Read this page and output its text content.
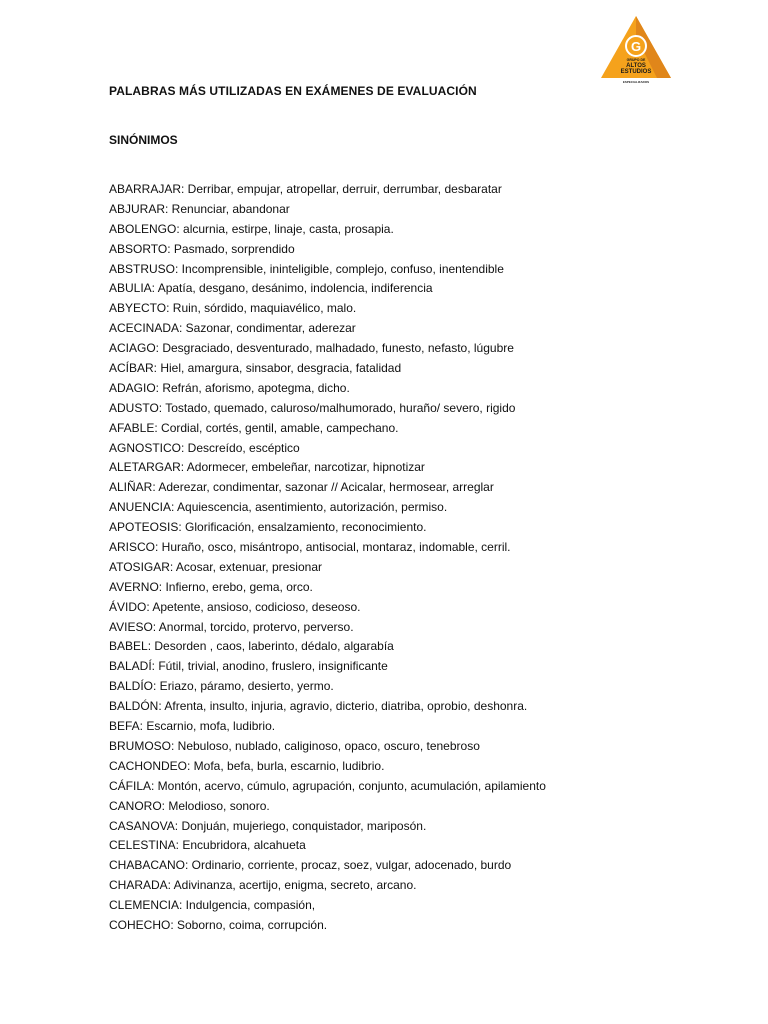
G
GRUPO DE
ALTOS
ESTUDIOS
ESPECIALIZADOS
PALABRAS MÁS UTILIZADAS EN EXÁMENES DE EVALUACIÓN
SINÓNIMOS
ABARRAJAR: Derribar, empujar, atropellar, derruir, derrumbar, desbaratar
ABJURAR: Renunciar, abandonar
ABOLENGO: alcurnia, estirpe, linaje, casta, prosapia.
ABSORTO: Pasmado, sorprendido
ABSTRUSO: Incomprensible, ininteligible, complejo, confuso, inentendible
ABULIA: Apatía, desgano, desánimo, indolencia, indiferencia
ABYECTO: Ruin, sórdido, maquiavélico, malo.
ACECINADA: Sazonar, condimentar, aderezar
ACIAGO: Desgraciado, desventurado, malhadado, funesto, nefasto, lúgubre
ACÍBAR: Hiel, amargura, sinsabor, desgracia, fatalidad
ADAGIO: Refrán, aforismo, apotegma, dicho.
ADUSTO: Tostado, quemado, caluroso/malhumorado, huraño/ severo, rigido
AFABLE: Cordial, cortés, gentil, amable, campechano.
AGNOSTICO: Descreído, escéptico
ALETARGAR: Adormecer, embeleñar, narcotizar, hipnotizar
ALIÑAR: Aderezar, condimentar, sazonar // Acicalar, hermosear, arreglar
ANUENCIA: Aquiescencia, asentimiento, autorización, permiso.
APOTEOSIS: Glorificación, ensalzamiento, reconocimiento.
ARISCO: Huraño, osco, misántropo, antisocial, montaraz, indomable, cerril.
ATOSIGAR: Acosar, extenuar, presionar
AVERNO: Infierno, erebo, gema, orco.
ÁVIDO: Apetente, ansioso, codicioso, deseoso.
AVIESO: Anormal, torcido, protervo, perverso.
BABEL: Desorden , caos, laberinto, dédalo, algarabía
BALADÍ: Fútil, trivial, anodino, fruslero, insignificante
BALDÍO: Eriazo, páramo, desierto, yermo.
BALDÓN: Afrenta, insulto, injuria, agravio, dicterio, diatriba, oprobio, deshonra.
BEFA: Escarnio, mofa, ludibrio.
BRUMOSO: Nebuloso, nublado, caliginoso, opaco, oscuro, tenebroso
CACHONDEO: Mofa, befa, burla, escarnio, ludibrio.
CÁFILA: Montón, acervo, cúmulo, agrupación, conjunto, acumulación, apilamiento
CANORO: Melodioso, sonoro.
CASANOVA: Donjuán, mujeriego, conquistador, mariposón.
CELESTINA: Encubridora, alcahueta
CHABACANO: Ordinario, corriente, procaz, soez, vulgar, adocenado, burdo
CHARADA: Adivinanza, acertijo, enigma, secreto, arcano.
CLEMENCIA: Indulgencia, compasión,
COHECHO: Soborno, coima, corrupción.
